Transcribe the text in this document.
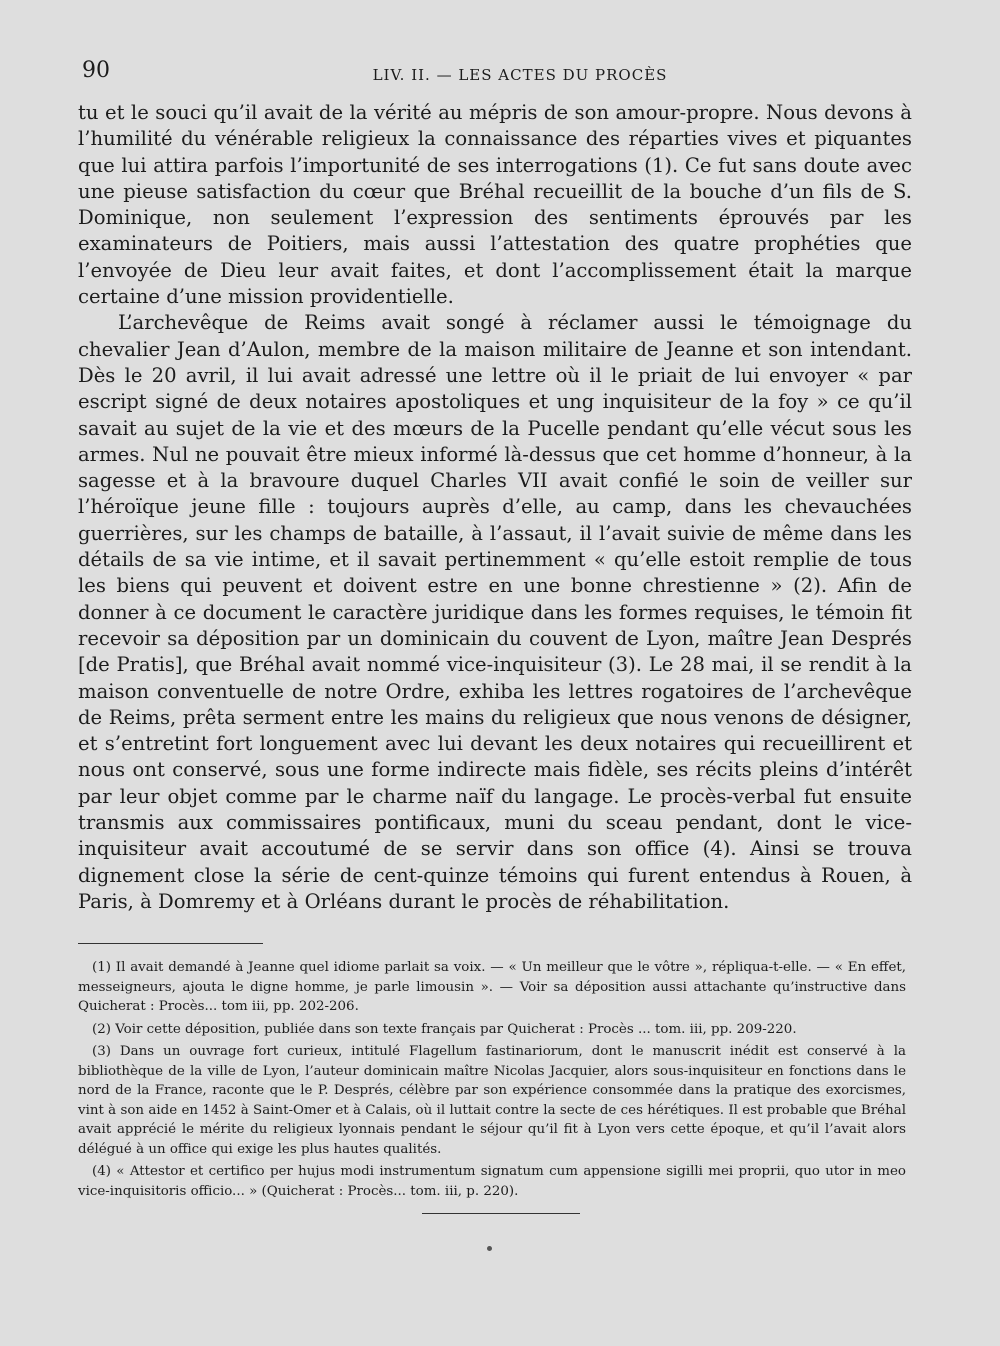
90	LIV. II. — LES ACTES DU PROCÈS

tu et le souci qu’il avait de la vérité au mépris de son amour-propre. Nous devons à l’humilité du vénérable religieux la connaissance des réparties vives et piquantes que lui attira parfois l’importunité de ses interrogations (1). Ce fut sans doute avec une pieuse satisfaction du cœur que Bréhal recueillit de la bouche d’un fils de S. Dominique, non seulement l’expression des sentiments éprouvés par les examinateurs de Poitiers, mais aussi l’attestation des quatre prophéties que l’envoyée de Dieu leur avait faites, et dont l’accomplissement était la marque certaine d’une mission providentielle.

L’archevêque de Reims avait songé à réclamer aussi le témoignage du chevalier Jean d’Aulon, membre de la maison militaire de Jeanne et son intendant. Dès le 20 avril, il lui avait adressé une lettre où il le priait de lui envoyer « par escript signé de deux notaires apostoliques et ung inquisiteur de la foy » ce qu’il savait au sujet de la vie et des mœurs de la Pucelle pendant qu’elle vécut sous les armes. Nul ne pouvait être mieux informé là-dessus que cet homme d’honneur, à la sagesse et à la bravoure duquel Charles VII avait confié le soin de veiller sur l’héroïque jeune fille : toujours auprès d’elle, au camp, dans les chevauchées guerrières, sur les champs de bataille, à l’assaut, il l’avait suivie de même dans les détails de sa vie intime, et il savait pertinemment « qu’elle estoit remplie de tous les biens qui peuvent et doivent estre en une bonne chrestienne » (2). Afin de donner à ce document le caractère juridique dans les formes requises, le témoin fit recevoir sa déposition par un dominicain du couvent de Lyon, maître Jean Després [de Pratis], que Bréhal avait nommé vice-inquisiteur (3). Le 28 mai, il se rendit à la maison conventuelle de notre Ordre, exhiba les lettres rogatoires de l’archevêque de Reims, prêta serment entre les mains du religieux que nous venons de désigner, et s’entretint fort longuement avec lui devant les deux notaires qui recueillirent et nous ont conservé, sous une forme indirecte mais fidèle, ses récits pleins d’intérêt par leur objet comme par le charme naïf du langage. Le procès-verbal fut ensuite transmis aux commissaires pontificaux, muni du sceau pendant, dont le vice-inquisiteur avait accoutumé de se servir dans son office (4). Ainsi se trouva dignement close la série de cent-quinze témoins qui furent entendus à Rouen, à Paris, à Domremy et à Orléans durant le procès de réhabilitation.

(1) Il avait demandé à Jeanne quel idiome parlait sa voix. — « Un meilleur que le vôtre », répliqua-t-elle. — « En effet, messeigneurs, ajouta le digne homme, je parle limousin ». — Voir sa déposition aussi attachante qu’instructive dans Quicherat : Procès... tom iii, pp. 202-206.

(2) Voir cette déposition, publiée dans son texte français par Quicherat : Procès ... tom. iii, pp. 209-220.

(3) Dans un ouvrage fort curieux, intitulé Flagellum fastinariorum, dont le manuscrit inédit est conservé à la bibliothèque de la ville de Lyon, l’auteur dominicain maître Nicolas Jacquier, alors sous-inquisiteur en fonctions dans le nord de la France, raconte que le P. Després, célèbre par son expérience consommée dans la pratique des exorcismes, vint à son aide en 1452 à Saint-Omer et à Calais, où il luttait contre la secte de ces hérétiques. Il est probable que Bréhal avait apprécié le mérite du religieux lyonnais pendant le séjour qu’il fit à Lyon vers cette époque, et qu’il l’avait alors délégué à un office qui exige les plus hautes qualités.

(4) « Attestor et certifico per hujus modi instrumentum signatum cum appensione sigilli mei proprii, quo utor in meo vice-inquisitoris officio... » (Quicherat : Procès... tom. iii, p. 220).
